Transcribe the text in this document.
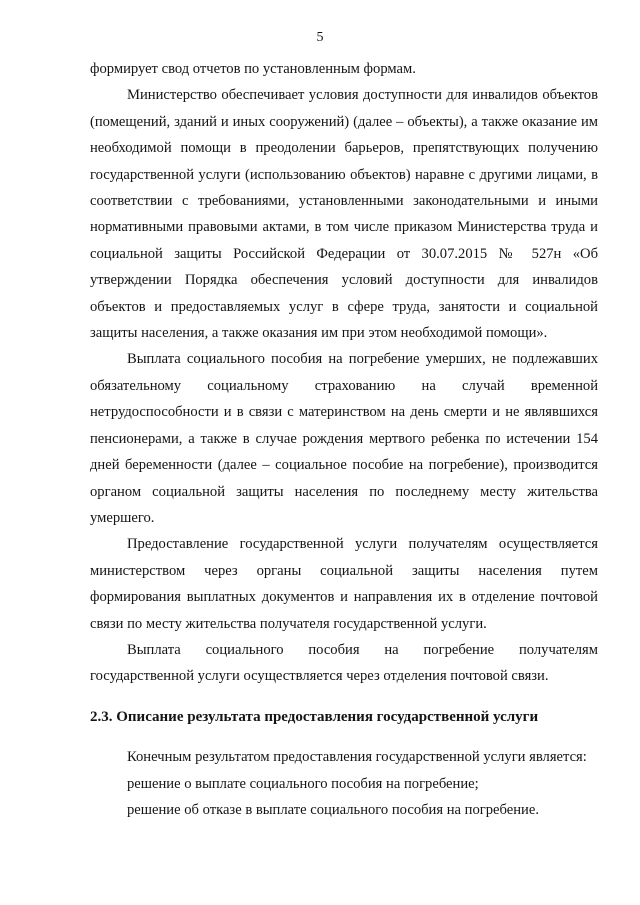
5

формирует свод отчетов по установленным формам.

Министерство обеспечивает условия доступности для инвалидов объектов (помещений, зданий и иных сооружений) (далее – объекты), а также оказание им необходимой помощи в преодолении барьеров, препятствующих получению государственной услуги (использованию объектов) наравне с другими лицами, в соответствии с требованиями, установленными законодательными и иными нормативными правовыми актами, в том числе приказом Министерства труда и социальной защиты Российской Федерации от 30.07.2015 № 527н «Об утверждении Порядка обеспечения условий доступности для инвалидов объектов и предоставляемых услуг в сфере труда, занятости и социальной защиты населения, а также оказания им при этом необходимой помощи».

Выплата социального пособия на погребение умерших, не подлежавших обязательному социальному страхованию на случай временной нетрудоспособности и в связи с материнством на день смерти и не являвшихся пенсионерами, а также в случае рождения мертвого ребенка по истечении 154 дней беременности (далее – социальное пособие на погребение), производится органом социальной защиты населения по последнему месту жительства умершего.

Предоставление государственной услуги получателям осуществляется министерством через органы социальной защиты населения путем формирования выплатных документов и направления их в отделение почтовой связи по месту жительства получателя государственной услуги.

Выплата социального пособия на погребение получателям государственной услуги осуществляется через отделения почтовой связи.

2.3. Описание результата предоставления государственной услуги

Конечным результатом предоставления государственной услуги является:

решение о выплате социального пособия на погребение;

решение об отказе в выплате социального пособия на погребение.
